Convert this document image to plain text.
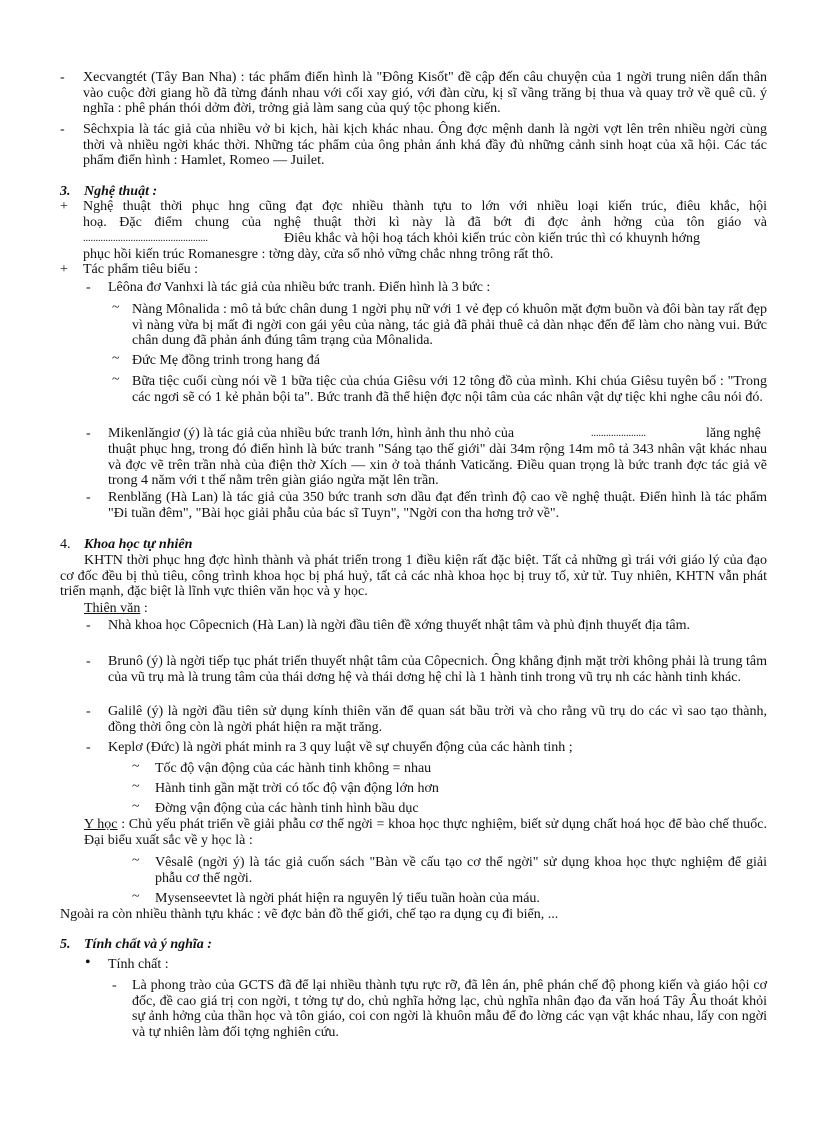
- Xecvangtét (Tây Ban Nha) : tác phẩm điển hình là "Đông Kisốt" đề cập đến câu chuyện của 1 ngời trung niên dấn thân vào cuộc đời giang hồ đã từng đánh nhau với cối xay gió, với đàn cừu, kị sĩ vầng trăng bị thua và quay trở về quê cũ. ý nghĩa : phê phán thói dởm đời, trởng giả làm sang của quý tộc phong kiến.
- Sêchxpia là tác giả của nhiều vở bi kịch, hài kịch khác nhau. Ông đợc mệnh danh là ngời vợt lên trên nhiều ngời cùng thời và nhiều ngời khác thời. Những tác phẩm của ông phản ánh khá đầy đủ những cảnh sinh hoạt của xã hội. Các tác phẩm điển hình : Hamlet, Romeo — Juilet.
3. Nghệ thuật :
+ Nghệ thuật thời phục hng cũng đạt đợc nhiều thành tựu to lớn với nhiều loại kiến trúc, điêu khắc, hội
hoạ. Đặc điểm chung của nghệ thuật thời kì này là đã bớt đi đợc ảnh hởng của tôn giáo và
..................................................	Điêu khắc và hội hoạ tách khỏi kiến trúc còn kiến trúc thì có khuynh hớng
phục hồi kiến trúc Romanesgre : tờng dày, cửa sổ nhỏ vững chắc nhng trông rất thô.
+ Tác phẩm tiêu biểu :
- Lêôna đơ Vanhxi là tác giả của nhiều bức tranh. Điển hình là 3 bức :
~ Nàng Mônalida : mô tả bức chân dung 1 ngời phụ nữ với 1 vẻ đẹp có khuôn mặt đợm buồn và đôi bàn tay rất đẹp vì nàng vừa bị mất đi ngời con gái yêu của nàng, tác giả đã phải thuê cả dàn nhạc đến để làm cho nàng vui. Bức chân dung đã phản ánh đúng tâm trạng của Mônalida.
~ Đức Mẹ đồng trinh trong hang đá
~ Bữa tiệc cuối cùng nói về 1 bữa tiệc của chúa Giêsu với 12 tông đồ của mình. Khi chúa Giêsu tuyên bố : "Trong các ngơi sẽ có 1 kẻ phản bội ta". Bức tranh đã thể hiện đợc nội tâm của các nhân vật dự tiệc khi nghe câu nói đó.
- Mikenlăngiơ (ý) là tác giả của nhiều bức tranh lớn, hình ảnh thu nhỏ của	......................	lăng nghệ
thuật phục hng, trong đó điển hình là bức tranh "Sáng tạo thế giới" dài 34m rộng 14m mô tả 343 nhân vật khác nhau và đợc vẽ trên trần nhà của điện thờ Xích — xin ở toà thánh Vaticăng. Điều quan trọng là bức tranh đợc tác giả vẽ trong 4 năm với t thế nằm trên giàn giáo ngửa mặt lên trần.
- Renblăng (Hà Lan) là tác giả của 350 bức tranh sơn dầu đạt đến trình độ cao về nghệ thuật. Điển hình là tác phẩm "Đi tuần đêm", "Bài học giải phẫu của bác sĩ Tuyn", "Ngời con tha hơng trở về".
4. Khoa học tự nhiên
KHTN thời phục hng đợc hình thành và phát triển trong 1 điều kiện rất đặc biệt. Tất cả những gì trái với giáo lý của đạo cơ đốc đều bị thủ tiêu, công trình khoa học bị phá huỷ, tất cả các nhà khoa học bị truy tố, xử tử. Tuy nhiên, KHTN vẫn phát triển mạnh, đặc biệt là lĩnh vực thiên văn học và y học.
Thiên văn :
- Nhà khoa học Côpecnich (Hà Lan) là ngời đầu tiên đề xớng thuyết nhật tâm và phủ định thuyết địa tâm.
- Brunô (ý) là ngời tiếp tục phát triển thuyết nhật tâm của Côpecnich. Ông khẳng định mặt trời không phải là trung tâm của vũ trụ mà là trung tâm của thái dơng hệ và thái dơng hệ chỉ là 1 hành tinh trong vũ trụ nh các hành tinh khác.
- Galilê (ý) là ngời đầu tiên sử dụng kính thiên văn để quan sát bầu trời và cho rằng vũ trụ do các vì sao tạo thành, đồng thời ông còn là ngời phát hiện ra mặt trăng.
- Keplơ (Đức) là ngời phát minh ra 3 quy luật về sự chuyển động của các hành tinh ;
~ Tốc độ vận động của các hành tinh không = nhau
~ Hành tinh gần mặt trời có tốc độ vận động lớn hơn
~ Đờng vận động của các hành tinh hình bầu dục
Y học : Chủ yếu phát triển về giải phẫu cơ thể ngời = khoa học thực nghiệm, biết sử dụng chất hoá học để bào chế thuốc. Đại biểu xuất sắc về y học là :
~ Vêsalê (ngời ý) là tác giả cuốn sách "Bàn về cấu tạo cơ thể ngời" sử dụng khoa học thực nghiệm để giải phẫu cơ thể ngời.
~ Mysenseevtet là ngời phát hiện ra nguyên lý tiểu tuần hoàn của máu.
Ngoài ra còn nhiều thành tựu khác : vẽ đợc bản đồ thế giới, chế tạo ra dụng cụ đi biển, ...
5. Tính chất và ý nghĩa :
• Tính chất :
- Là phong trào của GCTS đã để lại nhiều thành tựu rực rỡ, đã lên án, phê phán chế độ phong kiến và giáo hội cơ đốc, đề cao giá trị con ngời, t tởng tự do, chủ nghĩa hởng lạc, chủ nghĩa nhân đạo đa văn hoá Tây Âu thoát khỏi sự ảnh hởng của thần học và tôn giáo, coi con ngời là khuôn mẫu để đo lờng các vạn vật khác nhau, lấy con ngời và tự nhiên làm đối tợng nghiên cứu.
